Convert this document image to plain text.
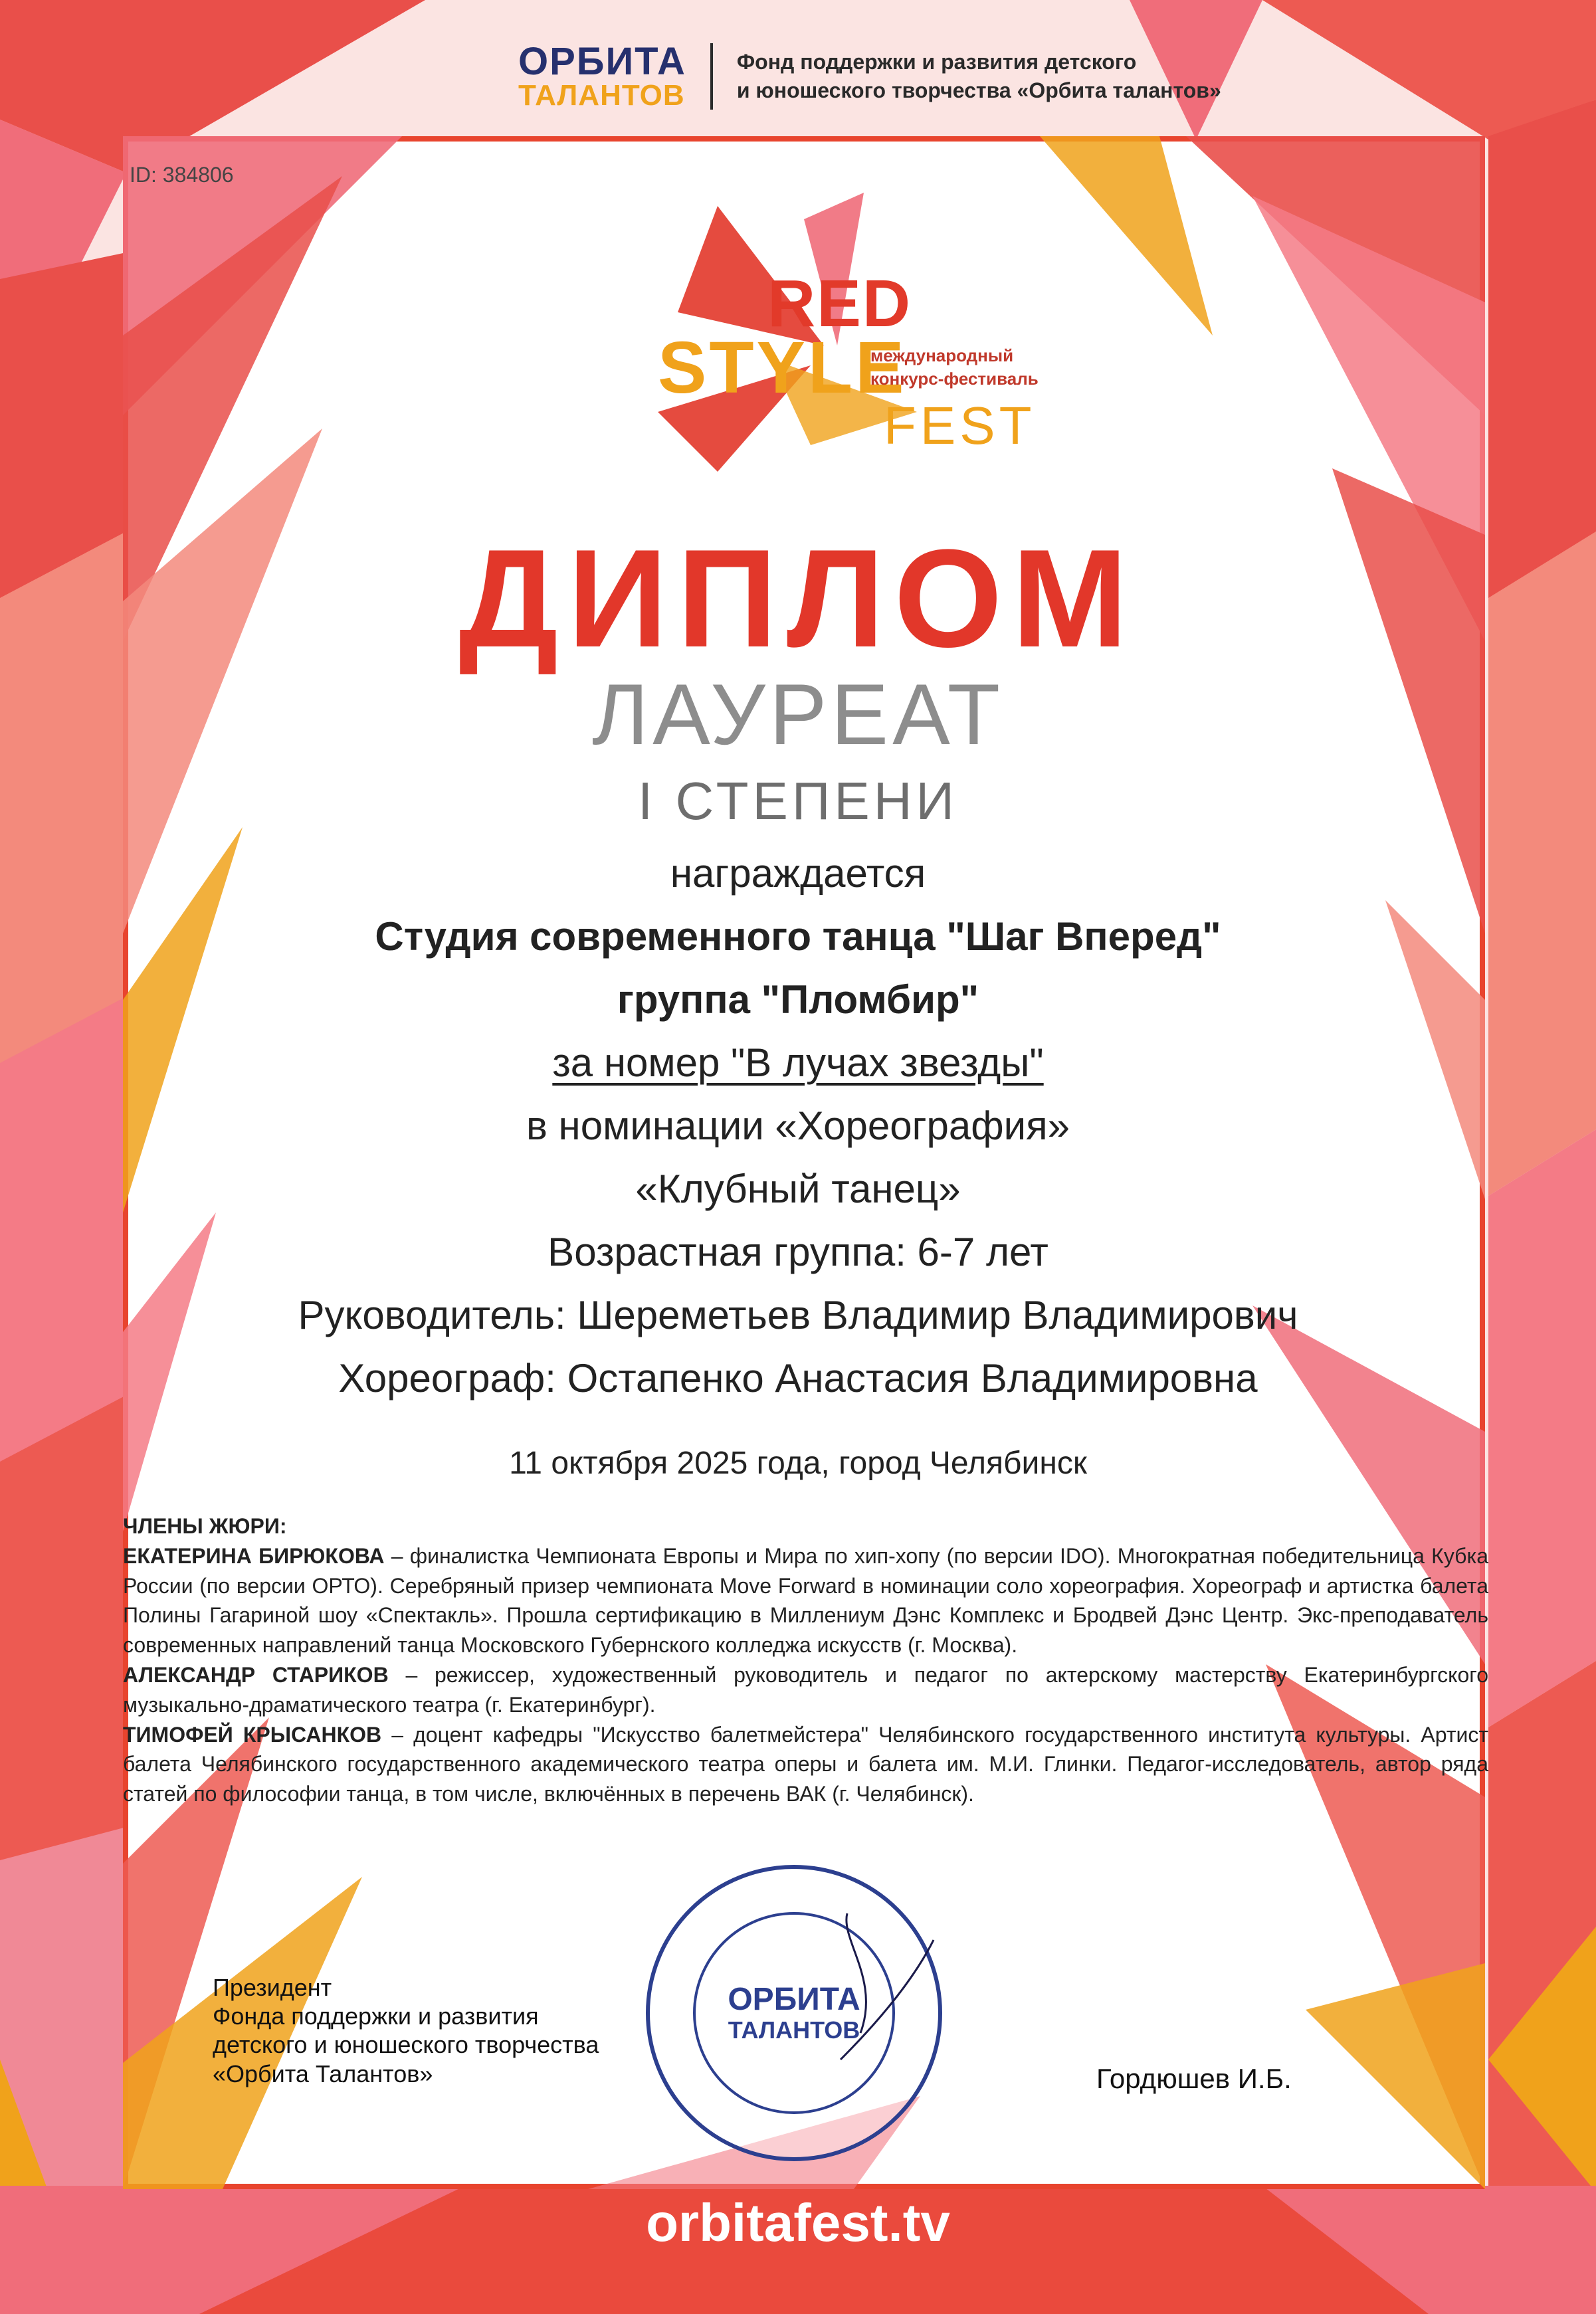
ОРБИТА
ТАЛАНТОВ
Фонд поддержки и развития детского
и юношеского творчества «Орбита талантов»
ID: 384806
RED
STYLE
международный
конкурс-фестиваль
FEST
ДИПЛОМ
ЛАУРЕАТ
I СТЕПЕНИ
награждается
Студия современного танца "Шаг Вперед"
группа "Пломбир"
за номер "В лучах звезды"
в номинации «Хореография»
«Клубный танец»
Возрастная группа: 6-7 лет
Руководитель: Шереметьев Владимир Владимирович
Хореограф: Остапенко Анастасия Владимировна
11 октября 2025 года, город Челябинск

ЧЛЕНЫ ЖЮРИ:

ЕКАТЕРИНА БИРЮКОВА – финалистка Чемпионата Европы и Мира по хип-хопу (по версии IDO). Многократная победительница Кубка России (по версии ОРТО). Серебряный призер чемпионата Move Forward в номинации соло хореография. Хореограф и артистка балета Полины Гагариной шоу «Спектакль». Прошла сертификацию в Миллениум Дэнс Комплекс и Бродвей Дэнс Центр. Экс-преподаватель современных направлений танца Московского Губернского колледжа искусств (г. Москва).

АЛЕКСАНДР СТАРИКОВ – режиссер, художественный руководитель и педагог по актерскому мастерству Екатеринбургского музыкально-драматического театра (г. Екатеринбург).

ТИМОФЕЙ КРЫСАНКОВ – доцент кафедры "Искусство балетмейстера" Челябинского государственного института культуры. Артист балета Челябинского государственного академического театра оперы и балета им. М.И. Глинки. Педагог-исследователь, автор ряда статей по философии танца, в том числе, включённых в перечень ВАК (г. Челябинск).

Президент
Фонда поддержки и развития
детского и юношеского творчества
«Орбита Талантов»
ОРБИТА
ТАЛАНТОВ
Гордюшев И.Б.
orbitafest.tv
